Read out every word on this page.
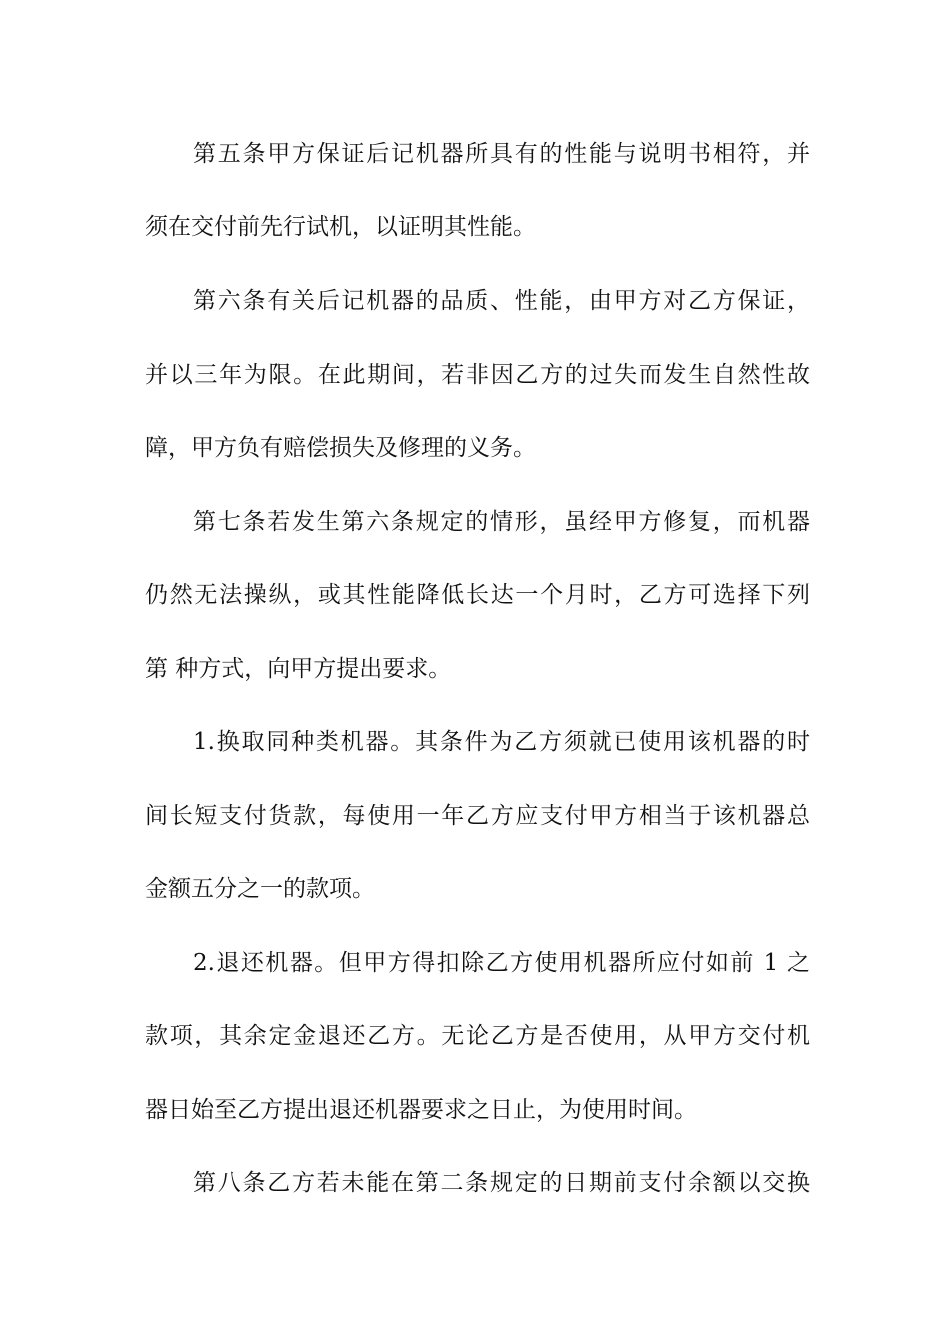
第五条甲方保证后记机器所具有的性能与说明书相符，并
须在交付前先行试机，以证明其性能。
第六条有关后记机器的品质、性能，由甲方对乙方保证，
并以三年为限。在此期间，若非因乙方的过失而发生自然性故
障，甲方负有赔偿损失及修理的义务。
第七条若发生第六条规定的情形，虽经甲方修复，而机器
仍然无法操纵，或其性能降低长达一个月时，乙方可选择下列
第 种方式，向甲方提出要求。
1.换取同种类机器。其条件为乙方须就已使用该机器的时
间长短支付货款，每使用一年乙方应支付甲方相当于该机器总
金额五分之一的款项。
2.退还机器。但甲方得扣除乙方使用机器所应付如前 1 之
款项，其余定金退还乙方。无论乙方是否使用，从甲方交付机
器日始至乙方提出退还机器要求之日止，为使用时间。
第八条乙方若未能在第二条规定的日期前支付余额以交换
